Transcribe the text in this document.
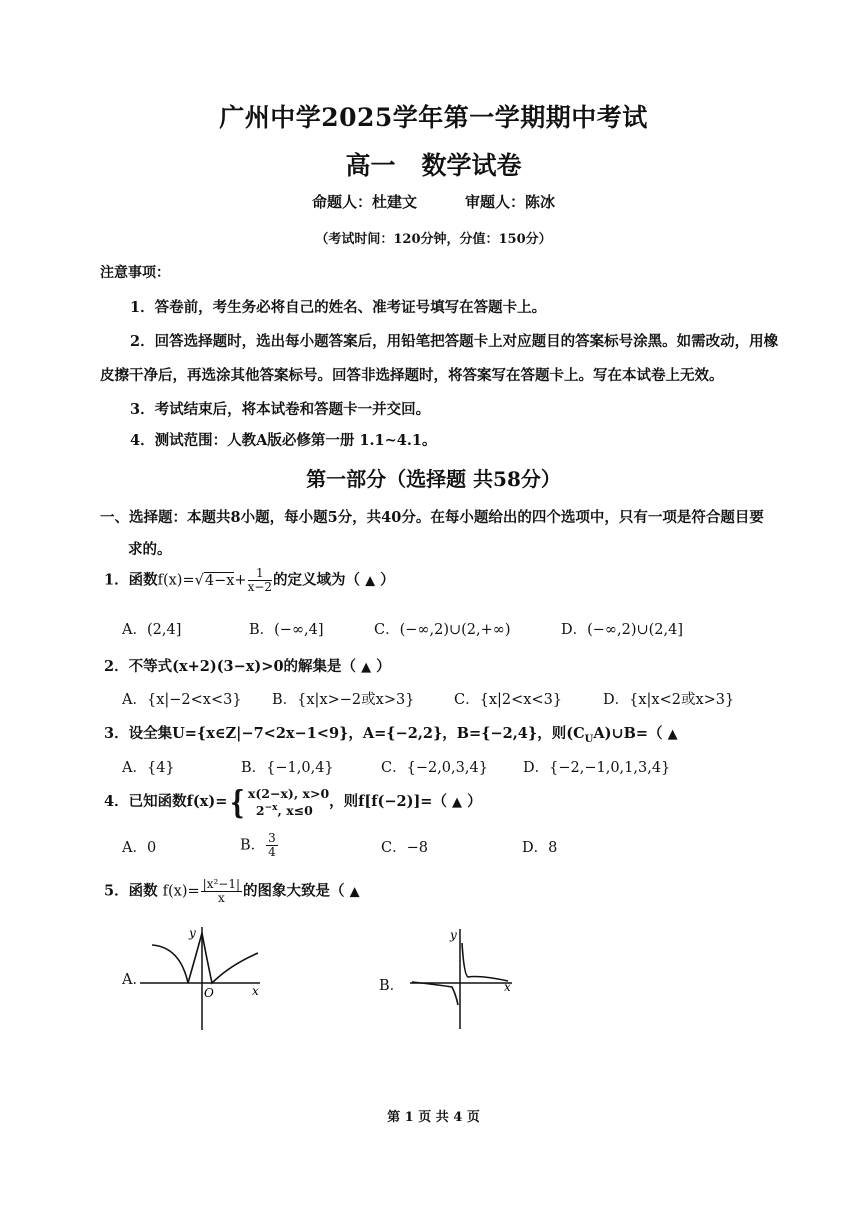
广州中学2025学年第一学期期中考试
高一 数学试卷
命题人：杜建文	审题人：陈冰
（考试时间：120分钟，分值：150分）
注意事项：
1．答卷前，考生务必将自己的姓名、准考证号填写在答题卡上。
2．回答选择题时，选出每小题答案后，用铅笔把答题卡上对应题目的答案标号涂黑。如需改动，用橡
皮擦干净后，再选涂其他答案标号。回答非选择题时，将答案写在答题卡上。写在本试卷上无效。
3．考试结束后，将本试卷和答题卡一并交回。
4．测试范围：人教A版必修第一册 1.1~4.1。
第一部分（选择题 共58分）
一、选择题：本题共8小题，每小题5分，共40分。在每小题给出的四个选项中，只有一项是符合题目要
求的。
1．函数$f(x)=√4-x+ \frac{1}{x-2}$ 的定义域为（ ▲ ）
A．(2,4]	B．(−∞,4]	C．(−∞,2)∪(2,+∞)	D．(−∞,2)∪(2,4]
2．不等式(x+2)(3−x)>0的解集是（ ▲ ）
A．{x|−2<x<3} B．{x|x>−2或x>3}	C．{x|2<x<3}	D．{x|x<2或x>3}
3．设全集U={x∈Z|−7<2x−1<9}，A={−2,2}，B={−2,4}，则$(C_UA)\cup B=$（ ▲
A．{4}	B．{−1,0,4}	C．{−2,0,3,4} D．{−2,−1,0,1,3,4}
4．已知函数f(x)={ x(2−x), x>0
$2^{-x}$, x≤0
，则f[f(−2)]=（ ▲ ）
A．0	B． $\frac{3}{4}$	C．−8	D．8
5．函数 $f(x)= \frac{\text{|x²−1|}}{x}$ 的图象大致是（ ▲
A．
y
x
O	B．
y
x
第 1 页 共 4 页
